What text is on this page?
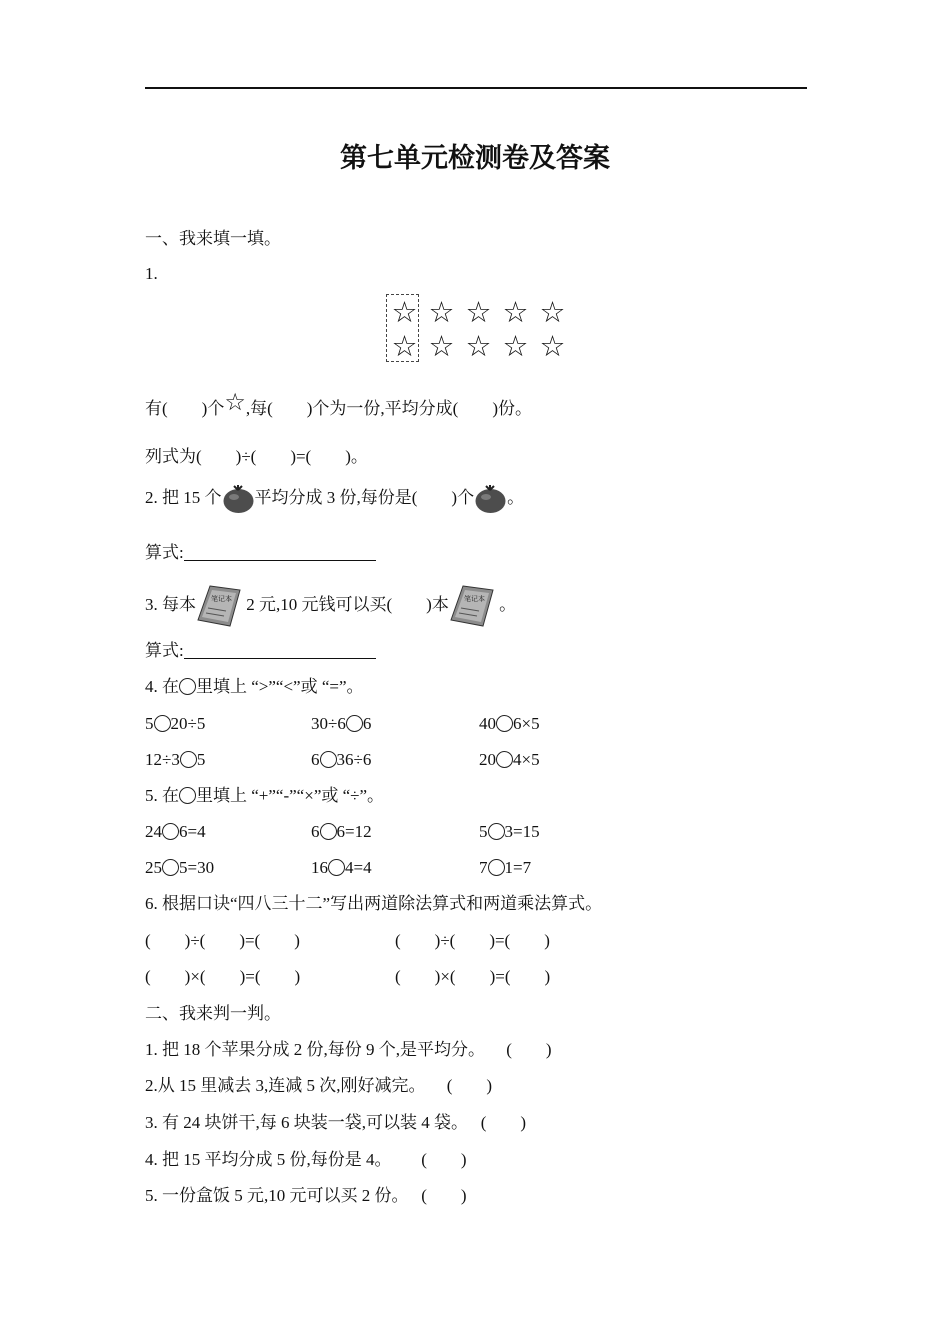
第七单元检测卷及答案
一、我来填一填。
1.
☆ ☆ ☆ ☆ ☆
☆ ☆ ☆ ☆ ☆
有(        )个☆,每(        )个为一份,平均分成(        )份。
列式为(        )÷(        )=(        )。
2. 把 15 个 平均分成 3 份,每份是(        )个 。
算式:
3. 每本 笔记本 2 元,10 元钱可以买(        )本 笔记本 。
算式:
4. 在 里填上 “>”“<”或 “=”。
5 20÷5	30÷6 6	40 6×5
12÷3 5	6 36÷6	20 4×5
5. 在 里填上 “+”“-”“×”或 “÷”。
24 6=4	6 6=12	5 3=15
25 5=30	16 4=4	7 1=7
6. 根据口诀“四八三十二”写出两道除法算式和两道乘法算式。
(        )÷(        )=(        )	(        )÷(        )=(        )
(        )×(        )=(        )	(        )×(        )=(        )
二、我来判一判。
1. 把 18 个苹果分成 2 份,每份 9 个,是平均分。     (        )
2.从 15 里减去 3,连减 5 次,刚好减完。     (        )
3. 有 24 块饼干,每 6 块装一袋,可以装 4 袋。   (        )
4. 把 15 平均分成 5 份,每份是 4。       (        )
5. 一份盒饭 5 元,10 元可以买 2 份。   (        )
